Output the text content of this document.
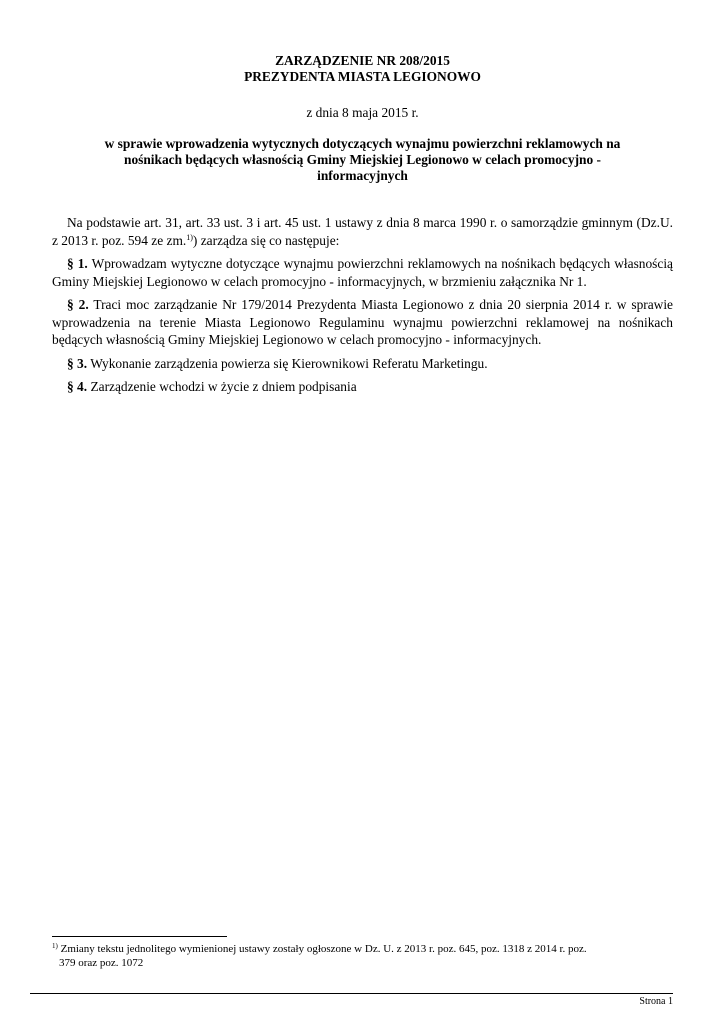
ZARZĄDZENIE NR 208/2015
PREZYDENTA MIASTA LEGIONOWO
z dnia 8 maja 2015 r.
w sprawie wprowadzenia wytycznych dotyczących wynajmu powierzchni reklamowych na
nośnikach będących własnością Gminy Miejskiej Legionowo w celach promocyjno -
informacyjnych

Na podstawie art. 31, art. 33 ust. 3 i art. 45 ust. 1 ustawy z dnia 8 marca 1990 r. o samorządzie gminnym (Dz.U. z 2013 r. poz. 594 ze zm.$^{1)}$) zarządza się co następuje:

§ 1. Wprowadzam wytyczne dotyczące wynajmu powierzchni reklamowych na nośnikach będących własnością Gminy Miejskiej Legionowo w celach promocyjno - informacyjnych, w brzmieniu załącznika Nr 1.

§ 2. Traci moc zarządzanie Nr 179/2014 Prezydenta Miasta Legionowo z dnia 20 sierpnia 2014 r. w sprawie wprowadzenia na terenie Miasta Legionowo Regulaminu wynajmu powierzchni reklamowej na nośnikach będących własnością Gminy Miejskiej Legionowo w celach promocyjno - informacyjnych.

§ 3. Wykonanie zarządzenia powierza się Kierownikowi Referatu Marketingu.

§ 4. Zarządzenie wchodzi w życie z dniem podpisania

$^{1)}$ Zmiany tekstu jednolitego wymienionej ustawy zostały ogłoszone w Dz. U. z 2013 r. poz. 645, poz. 1318 z 2014 r. poz.
379 oraz poz. 1072
Strona 1
